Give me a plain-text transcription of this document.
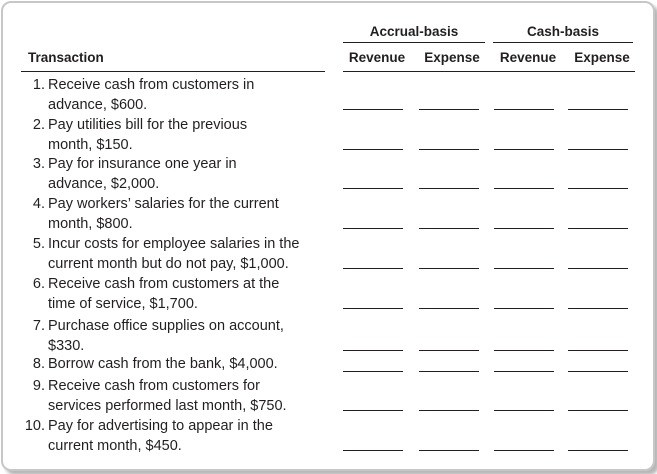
Accrual-basis	Cash-basis
Transaction	Revenue	Expense	Revenue	Expense
1. Receive cash from customers in
advance, $600.
2. Pay utilities bill for the previous
month, $150.
3. Pay for insurance one year in
advance, $2,000.
4. Pay workers’ salaries for the current
month, $800.
5. Incur costs for employee salaries in the
current month but do not pay, $1,000.
6. Receive cash from customers at the
time of service, $1,700.
7. Purchase office supplies on account,
$330.
8. Borrow cash from the bank, $4,000.
9. Receive cash from customers for
services performed last month, $750.
10. Pay for advertising to appear in the
current month, $450.
